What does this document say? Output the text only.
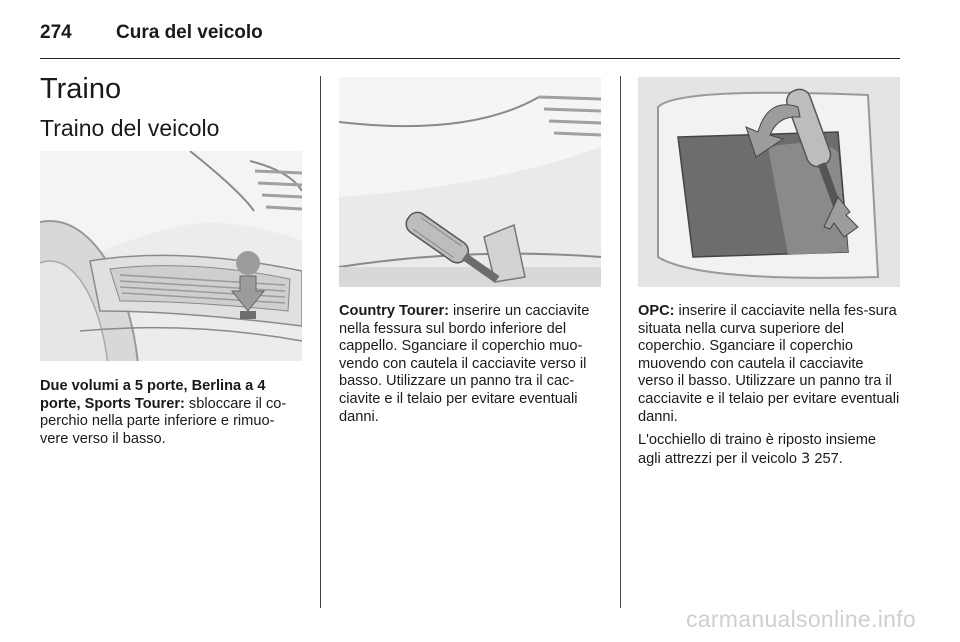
274 Cura del veicolo
Traino
Traino del veicolo

Due volumi a 5 porte, Berlina a 4 porte, Sports Tourer: sbloccare il co-perchio nella parte inferiore e rimuo-vere verso il basso.

Country Tourer: inserire un cacciavite nella fessura sul bordo inferiore del cappello. Sganciare il coperchio muo-vendo con cautela il cacciavite verso il basso. Utilizzare un panno tra il cac-ciavite e il telaio per evitare eventuali danni.

OPC: inserire il cacciavite nella fes-sura situata nella curva superiore del coperchio. Sganciare il coperchio muovendo con cautela il cacciavite verso il basso. Utilizzare un panno tra il cacciavite e il telaio per evitare eventuali danni.

L'occhiello di traino è riposto insieme agli attrezzi per il veicolo 3 257.

carmanualsonline.info
